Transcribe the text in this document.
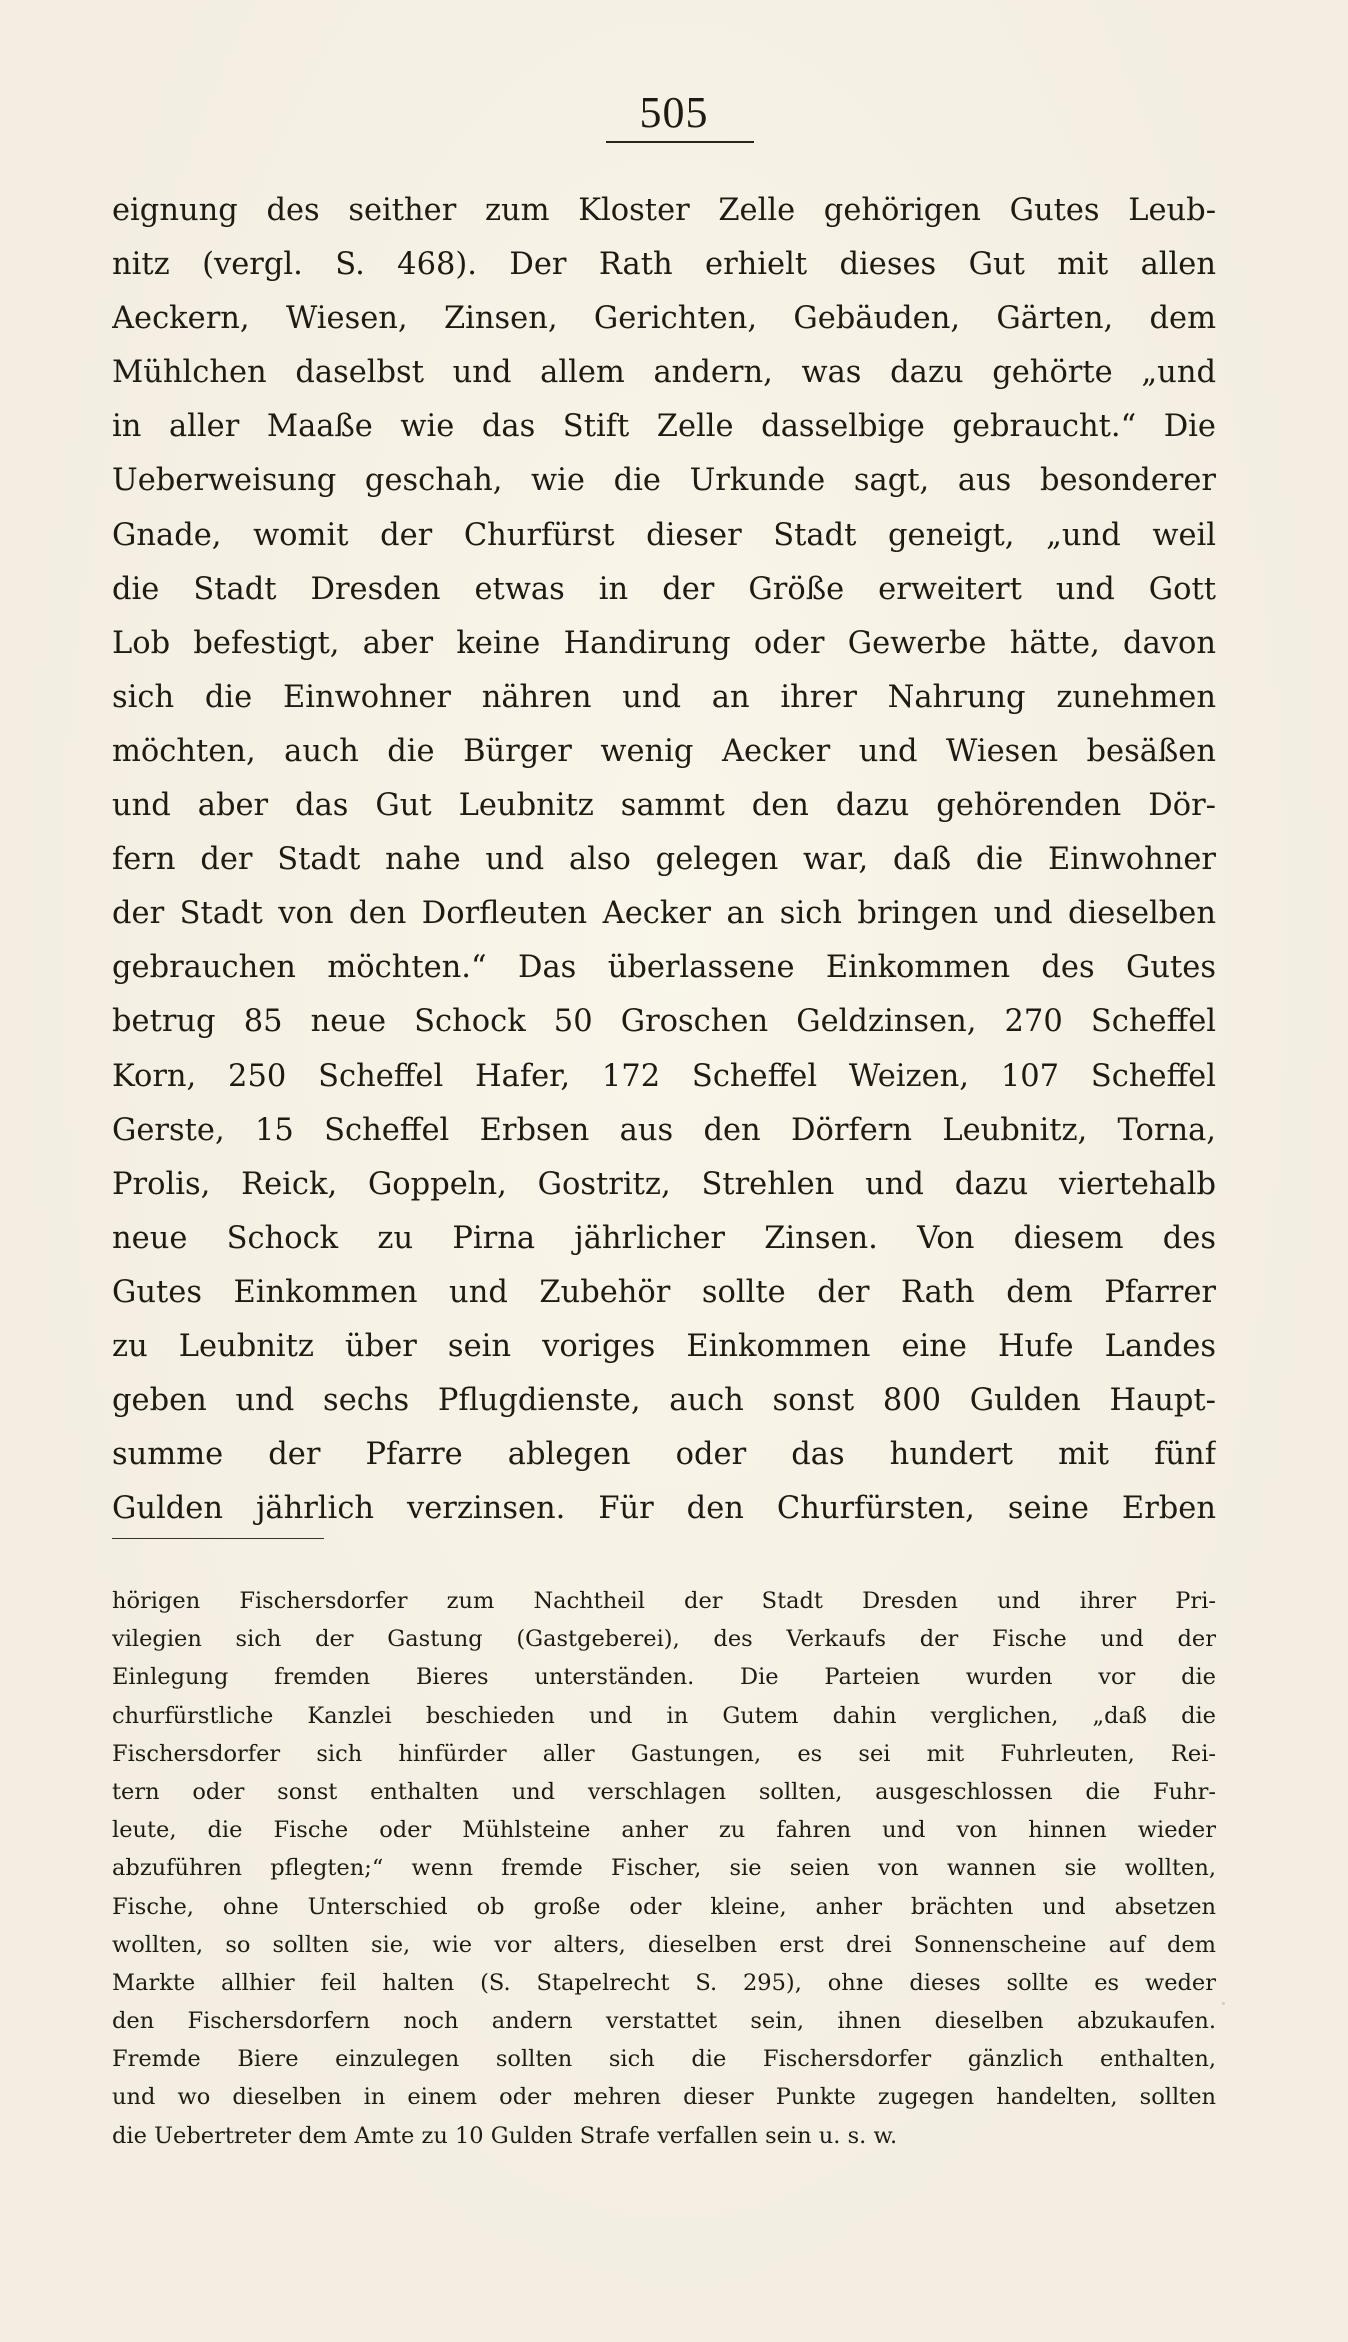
505
eignung des seither zum Kloster Zelle gehörigen Gutes Leub-
nitz (vergl. S. 468). Der Rath erhielt dieses Gut mit allen
Aeckern, Wiesen, Zinsen, Gerichten, Gebäuden, Gärten, dem
Mühlchen daselbst und allem andern, was dazu gehörte „und
in aller Maaße wie das Stift Zelle dasselbige gebraucht.“ Die
Ueberweisung geschah, wie die Urkunde sagt, aus besonderer
Gnade, womit der Churfürst dieser Stadt geneigt, „und weil
die Stadt Dresden etwas in der Größe erweitert und Gott
Lob befestigt, aber keine Handirung oder Gewerbe hätte, davon
sich die Einwohner nähren und an ihrer Nahrung zunehmen
möchten, auch die Bürger wenig Aecker und Wiesen besäßen
und aber das Gut Leubnitz sammt den dazu gehörenden Dör-
fern der Stadt nahe und also gelegen war, daß die Einwohner
der Stadt von den Dorfleuten Aecker an sich bringen und dieselben
gebrauchen möchten.“ Das überlassene Einkommen des Gutes
betrug 85 neue Schock 50 Groschen Geldzinsen, 270 Scheffel
Korn, 250 Scheffel Hafer, 172 Scheffel Weizen, 107 Scheffel
Gerste, 15 Scheffel Erbsen aus den Dörfern Leubnitz, Torna,
Prolis, Reick, Goppeln, Gostritz, Strehlen und dazu viertehalb
neue Schock zu Pirna jährlicher Zinsen. Von diesem des
Gutes Einkommen und Zubehör sollte der Rath dem Pfarrer
zu Leubnitz über sein voriges Einkommen eine Hufe Landes
geben und sechs Pflugdienste, auch sonst 800 Gulden Haupt-
summe der Pfarre ablegen oder das hundert mit fünf
Gulden jährlich verzinsen. Für den Churfürsten, seine Erben
hörigen Fischersdorfer zum Nachtheil der Stadt Dresden und ihrer Pri-
vilegien sich der Gastung (Gastgeberei), des Verkaufs der Fische und der
Einlegung fremden Bieres unterständen. Die Parteien wurden vor die
churfürstliche Kanzlei beschieden und in Gutem dahin verglichen, „daß die
Fischersdorfer sich hinfürder aller Gastungen, es sei mit Fuhrleuten, Rei-
tern oder sonst enthalten und verschlagen sollten, ausgeschlossen die Fuhr-
leute, die Fische oder Mühlsteine anher zu fahren und von hinnen wieder
abzuführen pflegten;“ wenn fremde Fischer, sie seien von wannen sie wollten,
Fische, ohne Unterschied ob große oder kleine, anher brächten und absetzen
wollten, so sollten sie, wie vor alters, dieselben erst drei Sonnenscheine auf dem
Markte allhier feil halten (S. Stapelrecht S. 295), ohne dieses sollte es weder
den Fischersdorfern noch andern verstattet sein, ihnen dieselben abzukaufen.
Fremde Biere einzulegen sollten sich die Fischersdorfer gänzlich enthalten,
und wo dieselben in einem oder mehren dieser Punkte zugegen handelten, sollten
die Uebertreter dem Amte zu 10 Gulden Strafe verfallen sein u. s. w.
